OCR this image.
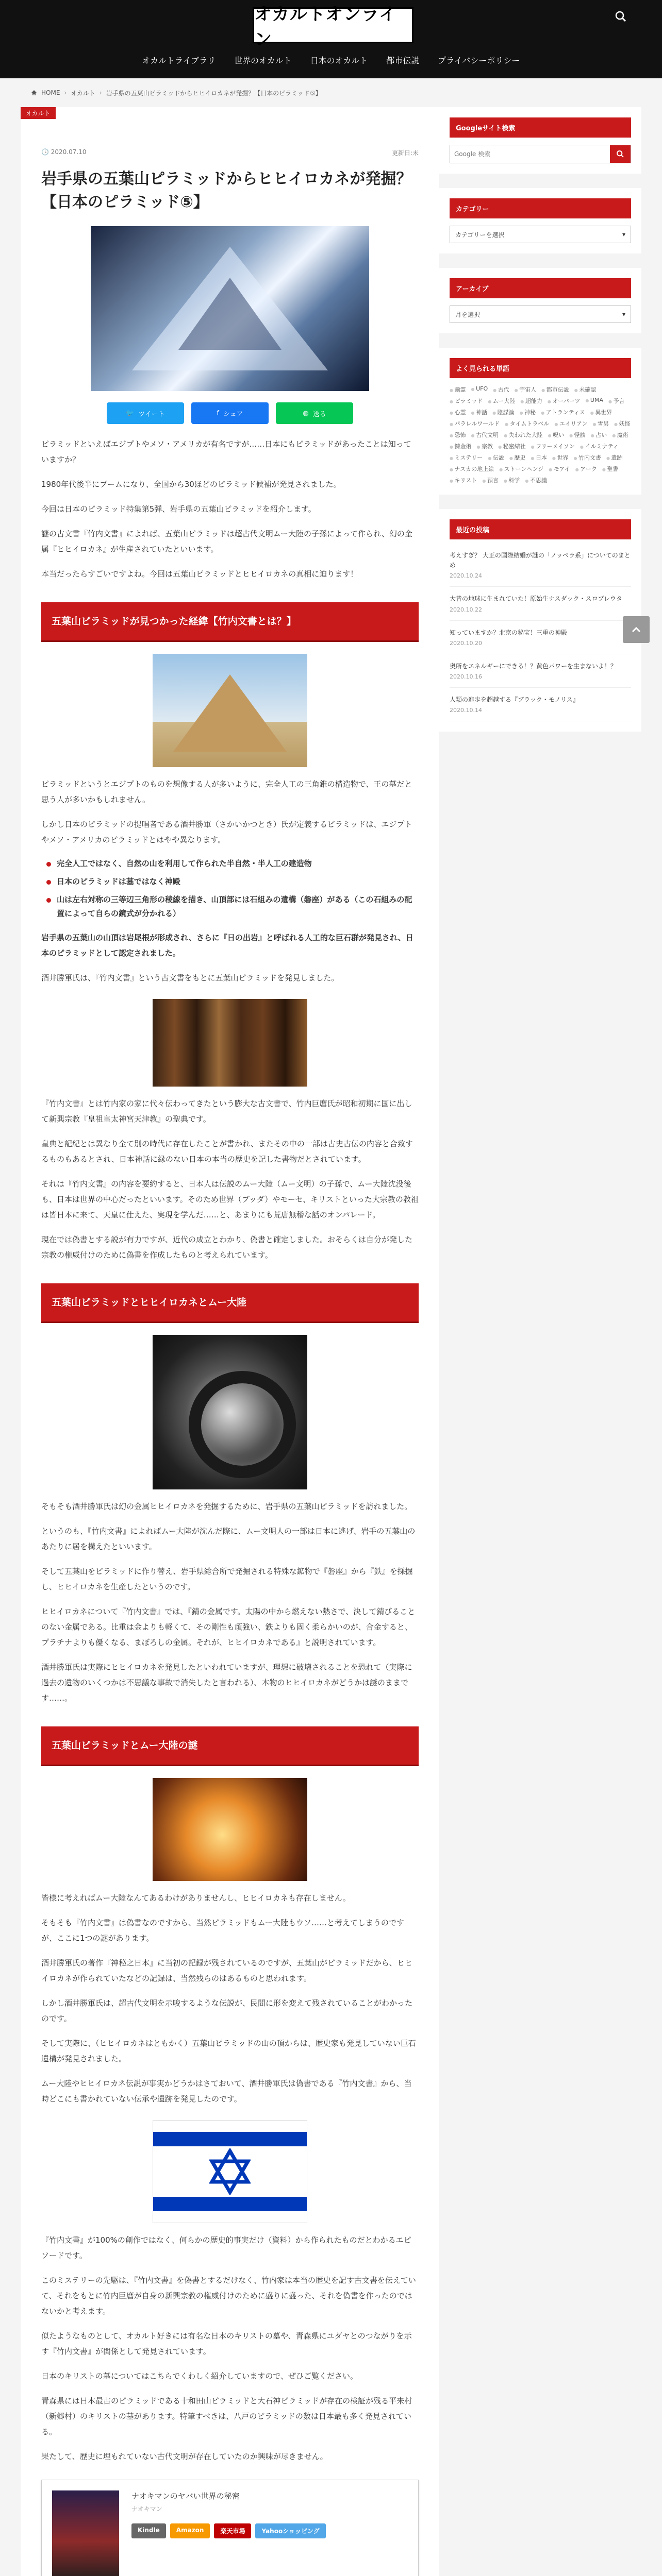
オカルトオンライン
オカルトライブラリ 世界のオカルト 日本のオカルト 都市伝説 プライバシーポリシー
HOME › オカルト › 岩手県の五葉山ピラミッドからヒヒイロカネが発掘？【日本のピラミッド⑤】
オカルト
🕓 2020.07.10	更新日:未
岩手県の五葉山ピラミッドからヒヒイロカネが発掘？【日本のピラミッド⑤】
🐦 ツイート	f シェア	◍ 送る

ピラミッドといえばエジプトやメソ・アメリカが有名ですが……日本にもピラミッドがあったことは知っていますか？

1980年代後半にブームになり、全国から30ほどのピラミッド候補が発見されました。

今回は日本のピラミッド特集第5弾、岩手県の五葉山ピラミッドを紹介します。

謎の古文書『竹内文書』によれば、五葉山ピラミッドは超古代文明ムー大陸の子孫によって作られ、幻の金属『ヒヒイロカネ』が生産されていたといいます。

本当だったらすごいですよね。今回は五葉山ピラミッドとヒヒイロカネの真相に迫ります！

五葉山ピラミッドが見つかった経緯【竹内文書とは？】

ピラミッドというとエジプトのものを想像する人が多いように、完全人工の三角錐の構造物で、王の墓だと思う人が多いかもしれません。

しかし日本のピラミッドの提唱者である酒井勝軍（さかいかつとき）氏が定義するピラミッドは、エジプトやメソ・アメリカのピラミッドとはやや異なります。

完全人工ではなく、自然の山を利用して作られた半自然・半人工の建造物
日本のピラミッドは墓ではなく神殿
山は左右対称の三等辺三角形の稜線を描き、山頂部には石組みの遺構（磐座）がある（この石組みの配置によって自らの鏡式が分かれる）

岩手県の五葉山の山頂は岩尾根が形成され、さらに『日の出岩』と呼ばれる人工的な巨石群が発見され、日本のピラミッドとして認定されました。

酒井勝軍氏は、『竹内文書』という古文書をもとに五葉山ピラミッドを発見しました。

『竹内文書』とは竹内家の家に代々伝わってきたという膨大な古文書で、竹内巨麿氏が昭和初期に国に出して新興宗教『皇祖皇太神宮天津教』の聖典です。

皇典と記紀とは異なり全て別の時代に存在したことが書かれ、またその中の一部は古史古伝の内容と合致するものもあるとされ、日本神話に縁のない日本の本当の歴史を記した書物だとされています。

それは『竹内文書』の内容を要約すると、日本人は伝説のムー大陸（ムー文明）の子孫で、ムー大陸沈没後も、日本は世界の中心だったといいます。そのため世界（ブッダ）やモーセ、キリストといった大宗教の教祖は皆日本に来て、天皇に仕えた、実現を学んだ……と、あまりにも荒唐無稽な話のオンパレード。

現在では偽書とする説が有力ですが、近代の成立とわかり、偽書と確定しました。おそらくは自分が発した宗教の権威付けのために偽書を作成したものと考えられています。

五葉山ピラミッドとヒヒイロカネとムー大陸

そもそも酒井勝軍氏は幻の金属ヒヒイロカネを発掘するために、岩手県の五葉山ピラミッドを訪れました。

というのも、『竹内文書』によればムー大陸が沈んだ際に、ムー文明人の一部は日本に逃げ、岩手の五葉山のあたりに居を構えたといいます。

そして五葉山をピラミッドに作り替え、岩手県総合所で発掘される特殊な鉱物で『磐座』から『鉄』を採掘し、ヒヒイロカネを生産したというのです。

ヒヒイロカネについて『竹内文書』では、『錆の金属です。太陽の中から燃えない熱さで、決して錆びることのない金属である。比重は金よりも軽くて、その剛性も頑強い、鉄よりも固く柔らかいのが、合金すると、プラチナよりも優くなる、まぼろしの金属。それが、ヒヒイロカネである』と説明されています。

酒井勝軍氏は実際にヒヒイロカネを発見したといわれていますが、理想に破壊されることを恐れて（実際に過去の遺物のいくつかは不思議な事故で消失したと言われる）、本物のヒヒイロカネがどうかは謎のままです……。

五葉山ピラミッドとムー大陸の謎

皆様に考えればムー大陸なんてあるわけがありませんし、ヒヒイロカネも存在しません。

そもそも『竹内文書』は偽書なのですから、当然ピラミッドもムー大陸もウソ……と考えてしまうのですが、ここに1つの謎があります。

酒井勝軍氏の著作『神秘之日本』に当初の記録が残されているのですが、五葉山がピラミッドだから、ヒヒイロカネが作られていたなどの記録は、当然残らのはあるものと思われます。

しかし酒井勝軍氏は、超古代文明を示唆するような伝説が、民間に形を変えて残されていることがわかったのです。

そして実際に、（ヒヒイロカネはともかく）五葉山ピラミッドの山の頂からは、歴史家も発見していない巨石遺構が発見されました。

ムー大陸やヒヒイロカネ伝説が事実かどうかはさておいて、酒井勝軍氏は偽書である『竹内文書』から、当時どこにも書かれていない伝承や遺跡を発見したのです。

『竹内文書』が100%の創作ではなく、何らかの歴史的事実だけ（資料）から作られたものだとわかるエピソードです。

このミステリーの先駆は、『竹内文書』を偽書とするだけなく、竹内家は本当の歴史を記す古文書を伝えていて、それをもとに竹内巨麿が自身の新興宗教の権威付けのために盛りに盛った、それを偽書を作ったのではないかと考えます。

似たようなものとして、オカルト好きには有名な日本のキリストの墓や、青森県にユダヤとのつながりを示す『竹内文書』が関係として発見されています。

日本のキリストの墓についてはこちらでくわしく紹介していますので、ぜひご覧ください。

青森県には日本最古のピラミッドである十和田山ピラミッドと大石神ピラミッドが存在の検証が残る平来村（新郷村）のキリストの墓があります。特筆すべきは、八戸のピラミッドの数は日本最も多く発見されている。

果たして、歴史に埋もれていない古代文明が存在していたのか興味が尽きません。

ナオキマンのヤバい世界の秘密
ナオキマン
Kindle	Amazon	楽天市場	Yahooショッピング

Googleサイト検索
Google 検索
カテゴリー
カテゴリーを選択	▾
アーカイブ
月を選択	▾
よく見られる単語
● 幽霊	● UFO	● 古代	● 宇宙人	● 都市伝説	● 未確認
● ピラミッド	● ムー大陸	● 超能力	● オーパーツ	● UMA	● 予言
● 心霊	● 神話	● 陰謀論	● 神秘	● アトランティス	● 異世界
● パラレルワールド	● タイムトラベル	● エイリアン	● 雪男	● 妖怪
● 恐怖	● 古代文明	● 失われた大陸	● 呪い	● 怪談	● 占い	● 魔術
● 錬金術	● 宗教	● 秘密結社	● フリーメイソン	● イルミナティ
● ミステリー	● 伝説	● 歴史	● 日本	● 世界	● 竹内文書	● 遺跡
● ナスカの地上絵	● ストーンヘンジ	● モアイ	● アーク	● 聖書
● キリスト	● 預言	● 科学	● 不思議
最近の投稿
考えすぎ？ 大正の国際結婚が謎の「ノッペラ系」についてのまとめ
2020.10.24
大昔の地球に生まれていた！原始生ナスダック・スロブレウタ
2020.10.22
知っていますか？北京の秘宝！三重の神殿
2020.10.20
奥所をエネルギーにできる！？黄色パワーを生まないよ！？
2020.10.16
人類の進歩を超越する『ブラック・モノリス』
2020.10.14
